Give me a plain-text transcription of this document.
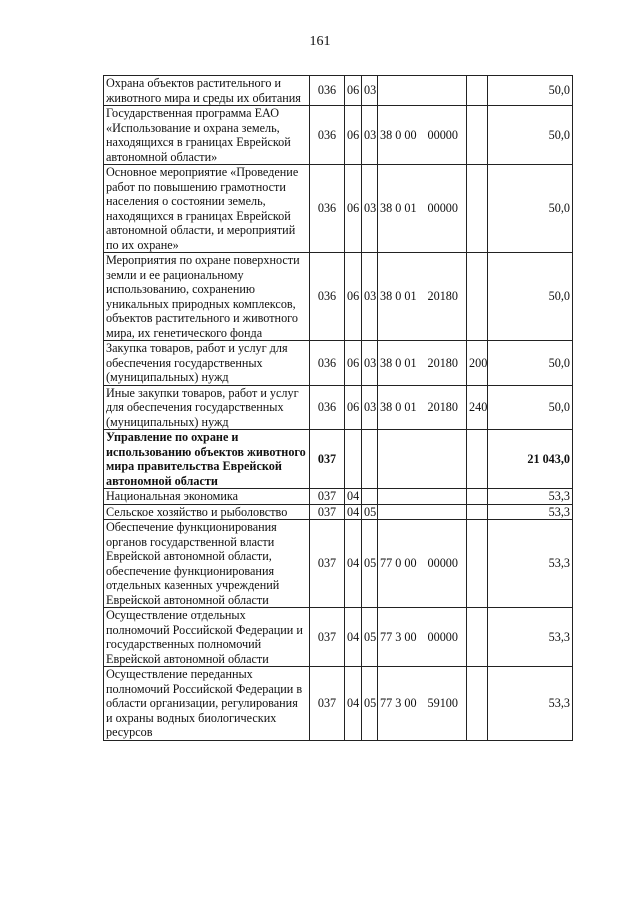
161
Охрана объектов растительного и животного мира и среды их обитания	036	06	03				50,0
Государственная программа ЕАО «Использование и охрана земель, находящихся в границах Еврейской автономной области»	036	06	03	38 0 00	00000		50,0
Основное мероприятие «Проведение работ по повышению грамотности населения о состоянии земель, находящихся в границах Еврейской автономной области, и мероприятий по их охране»	036	06	03	38 0 01	00000		50,0
Мероприятия по охране поверхности земли и ее рациональному использованию, сохранению уникальных природных комплексов, объектов растительного и животного мира, их генетического фонда	036	06	03	38 0 01	20180		50,0
Закупка товаров, работ и услуг для обеспечения государственных (муниципальных) нужд	036	06	03	38 0 01	20180	200	50,0
Иные закупки товаров, работ и услуг для обеспечения государственных (муниципальных) нужд	036	06	03	38 0 01	20180	240	50,0
Управление по охране и использованию объектов животного мира правительства Еврейской автономной области	037						21 043,0
Национальная экономика	037	04					53,3
Сельское хозяйство и рыболовство	037	04	05				53,3
Обеспечение функционирования органов государственной власти Еврейской автономной области, обеспечение функционирования отдельных казенных учреждений Еврейской автономной области	037	04	05	77 0 00	00000		53,3
Осуществление отдельных полномочий Российской Федерации и государственных полномочий Еврейской автономной области	037	04	05	77 3 00	00000		53,3
Осуществление переданных полномочий Российской Федерации в области организации, регулирования и охраны водных биологических ресурсов	037	04	05	77 3 00	59100		53,3
